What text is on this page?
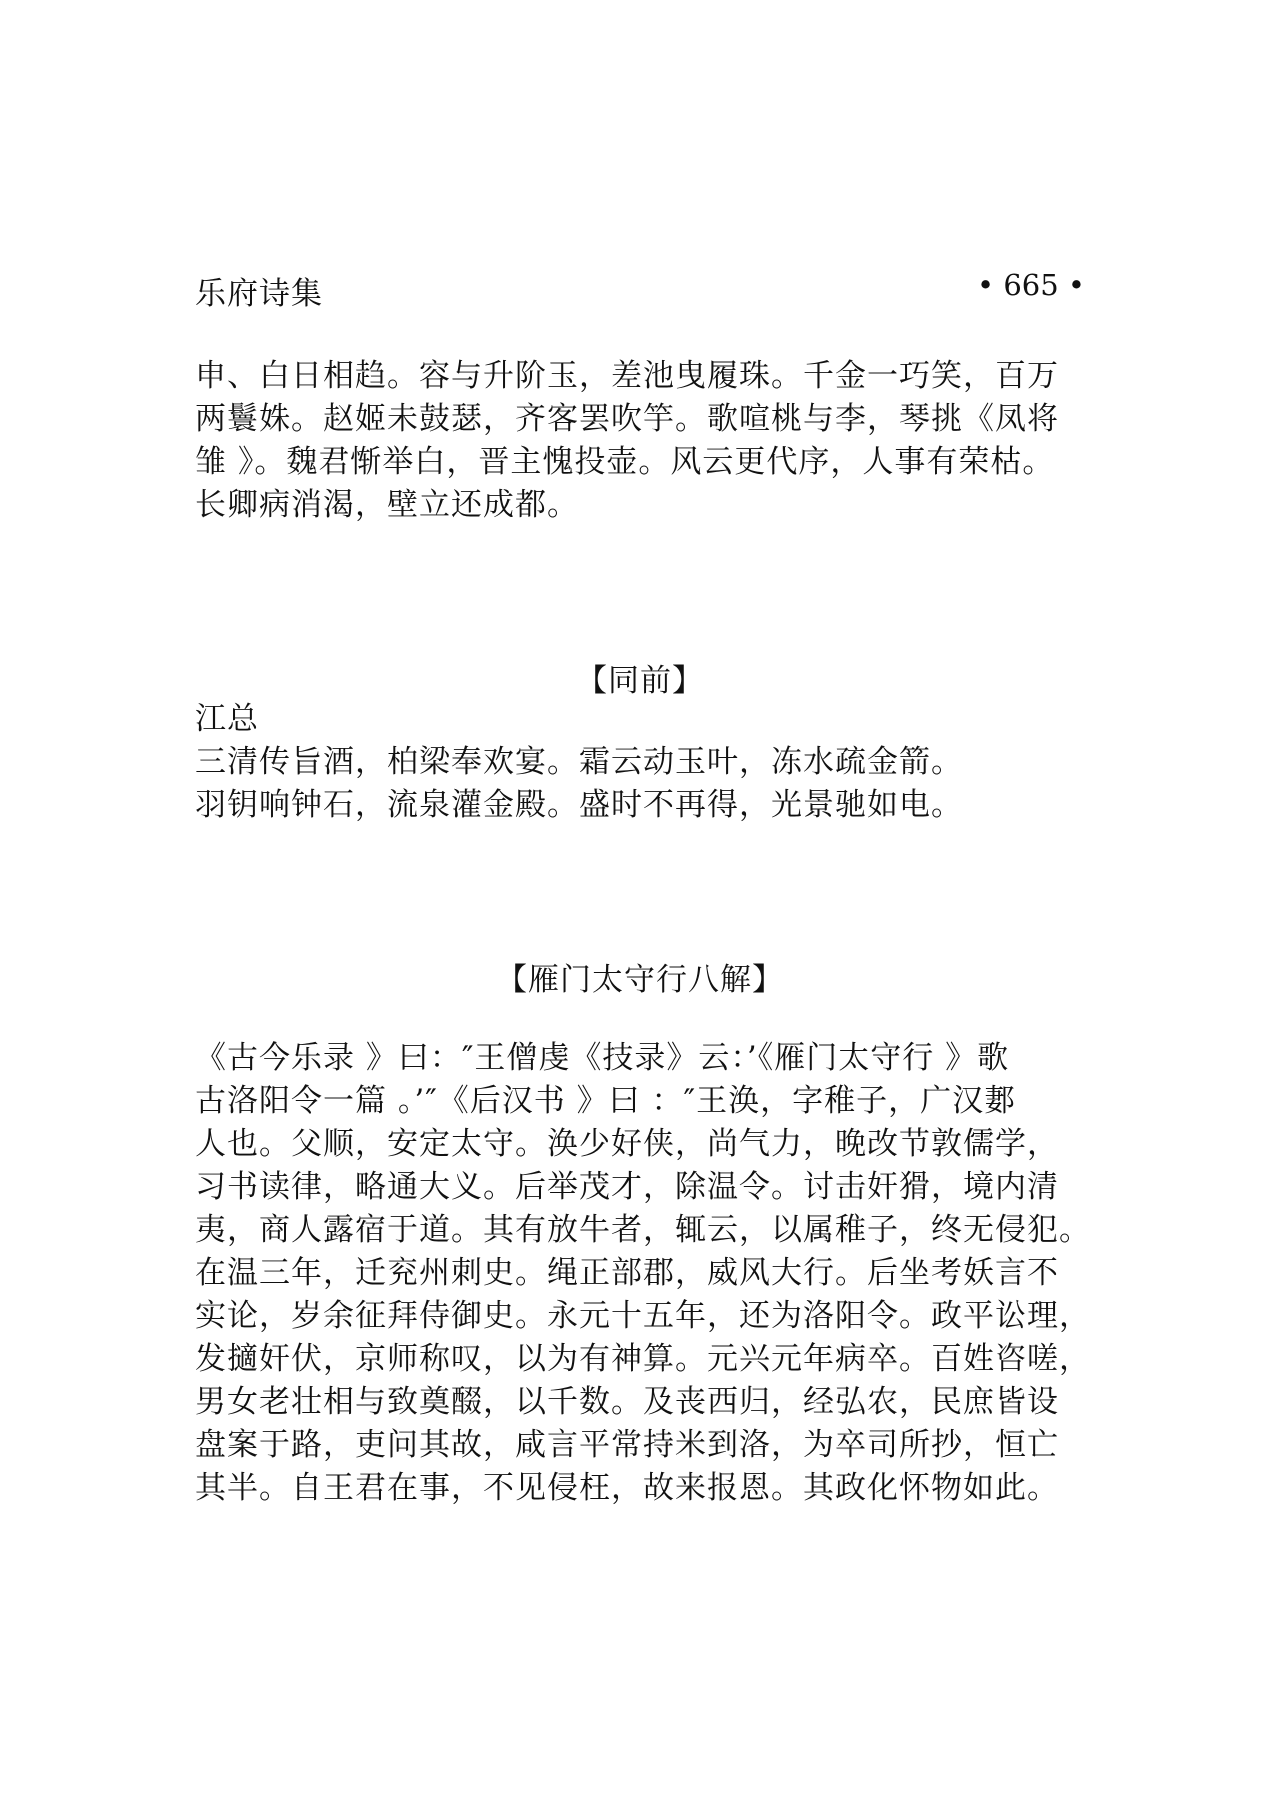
乐府诗集	• 665 •
申、白日相趋。容与升阶玉，差池曳履珠。千金一巧笑，百万
两鬟姝。赵姬未鼓瑟，齐客罢吹竽。歌喧桃与李，琴挑《凤将
雏 》。魏君惭举白，晋主愧投壶。风云更代序，人事有荣枯。
长卿病消渴，壁立还成都。
【同前】
江总
三清传旨酒，柏梁奉欢宴。霜云动玉叶，冻水疏金箭。
羽钥响钟石，流泉灌金殿。盛时不再得，光景驰如电。
【雁门太守行八解】
《古今乐录 》曰：″王僧虔《技录》云：’《雁门太守行 》歌
古洛阳令一篇 。’″《后汉书 》曰 ：″王涣，字稚子，广汉郪
人也。父顺，安定太守。涣少好侠，尚气力，晚改节敦儒学，
习书读律，略通大义。后举茂才，除温令。讨击奸猾，境内清
夷，商人露宿于道。其有放牛者，辄云，以属稚子，终无侵犯。
在温三年，迁兖州刺史。绳正部郡，威风大行。后坐考妖言不
实论，岁余征拜侍御史。永元十五年，还为洛阳令。政平讼理，
发擿奸伏，京师称叹，以为有神算。元兴元年病卒。百姓咨嗟，
男女老壮相与致奠醊，以千数。及丧西归，经弘农，民庶皆设
盘案于路，吏问其故，咸言平常持米到洛，为卒司所抄，恒亡
其半。自王君在事，不见侵枉，故来报恩。其政化怀物如此。
